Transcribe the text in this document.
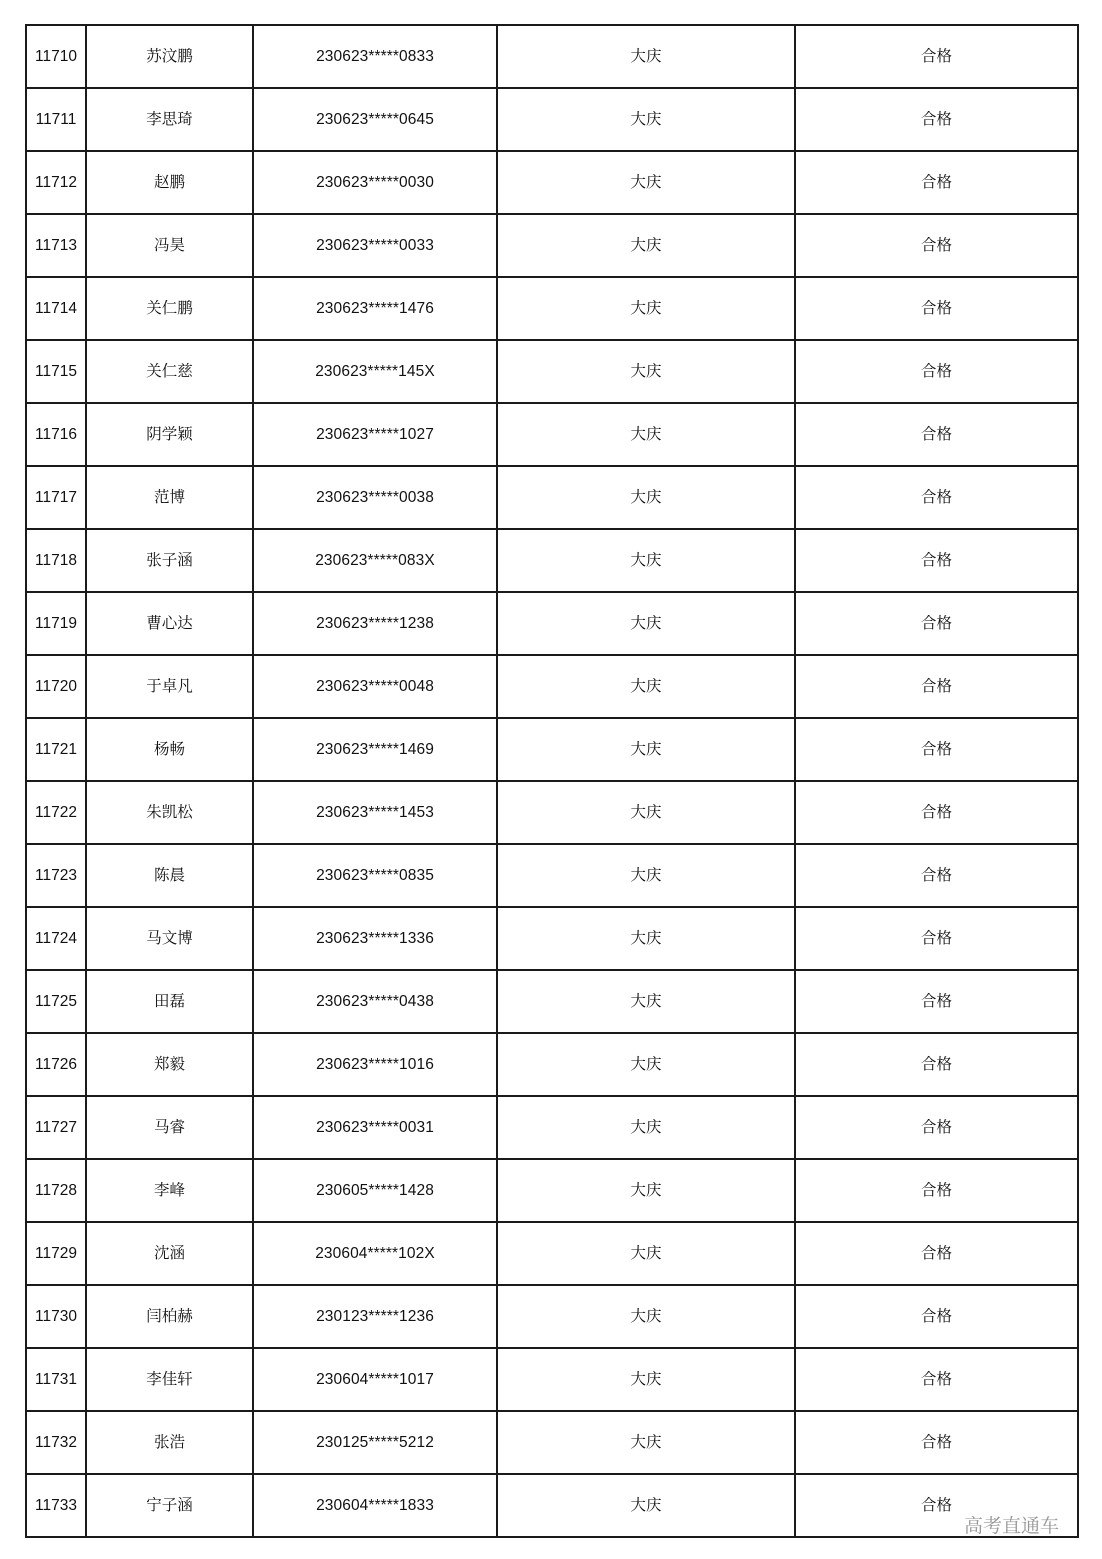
11710	苏汶鹏	230623*****0833	大庆	合格
11711	李思琦	230623*****0645	大庆	合格
11712	赵鹏	230623*****0030	大庆	合格
11713	冯昊	230623*****0033	大庆	合格
11714	关仁鹏	230623*****1476	大庆	合格
11715	关仁慈	230623*****145X	大庆	合格
11716	阴学颖	230623*****1027	大庆	合格
11717	范博	230623*****0038	大庆	合格
11718	张子涵	230623*****083X	大庆	合格
11719	曹心达	230623*****1238	大庆	合格
11720	于卓凡	230623*****0048	大庆	合格
11721	杨畅	230623*****1469	大庆	合格
11722	朱凯松	230623*****1453	大庆	合格
11723	陈晨	230623*****0835	大庆	合格
11724	马文博	230623*****1336	大庆	合格
11725	田磊	230623*****0438	大庆	合格
11726	郑毅	230623*****1016	大庆	合格
11727	马睿	230623*****0031	大庆	合格
11728	李峰	230605*****1428	大庆	合格
11729	沈涵	230604*****102X	大庆	合格
11730	闫柏赫	230123*****1236	大庆	合格
11731	李佳轩	230604*****1017	大庆	合格
11732	张浩	230125*****5212	大庆	合格
11733	宁子涵	230604*****1833	大庆	合格
高考直通车
